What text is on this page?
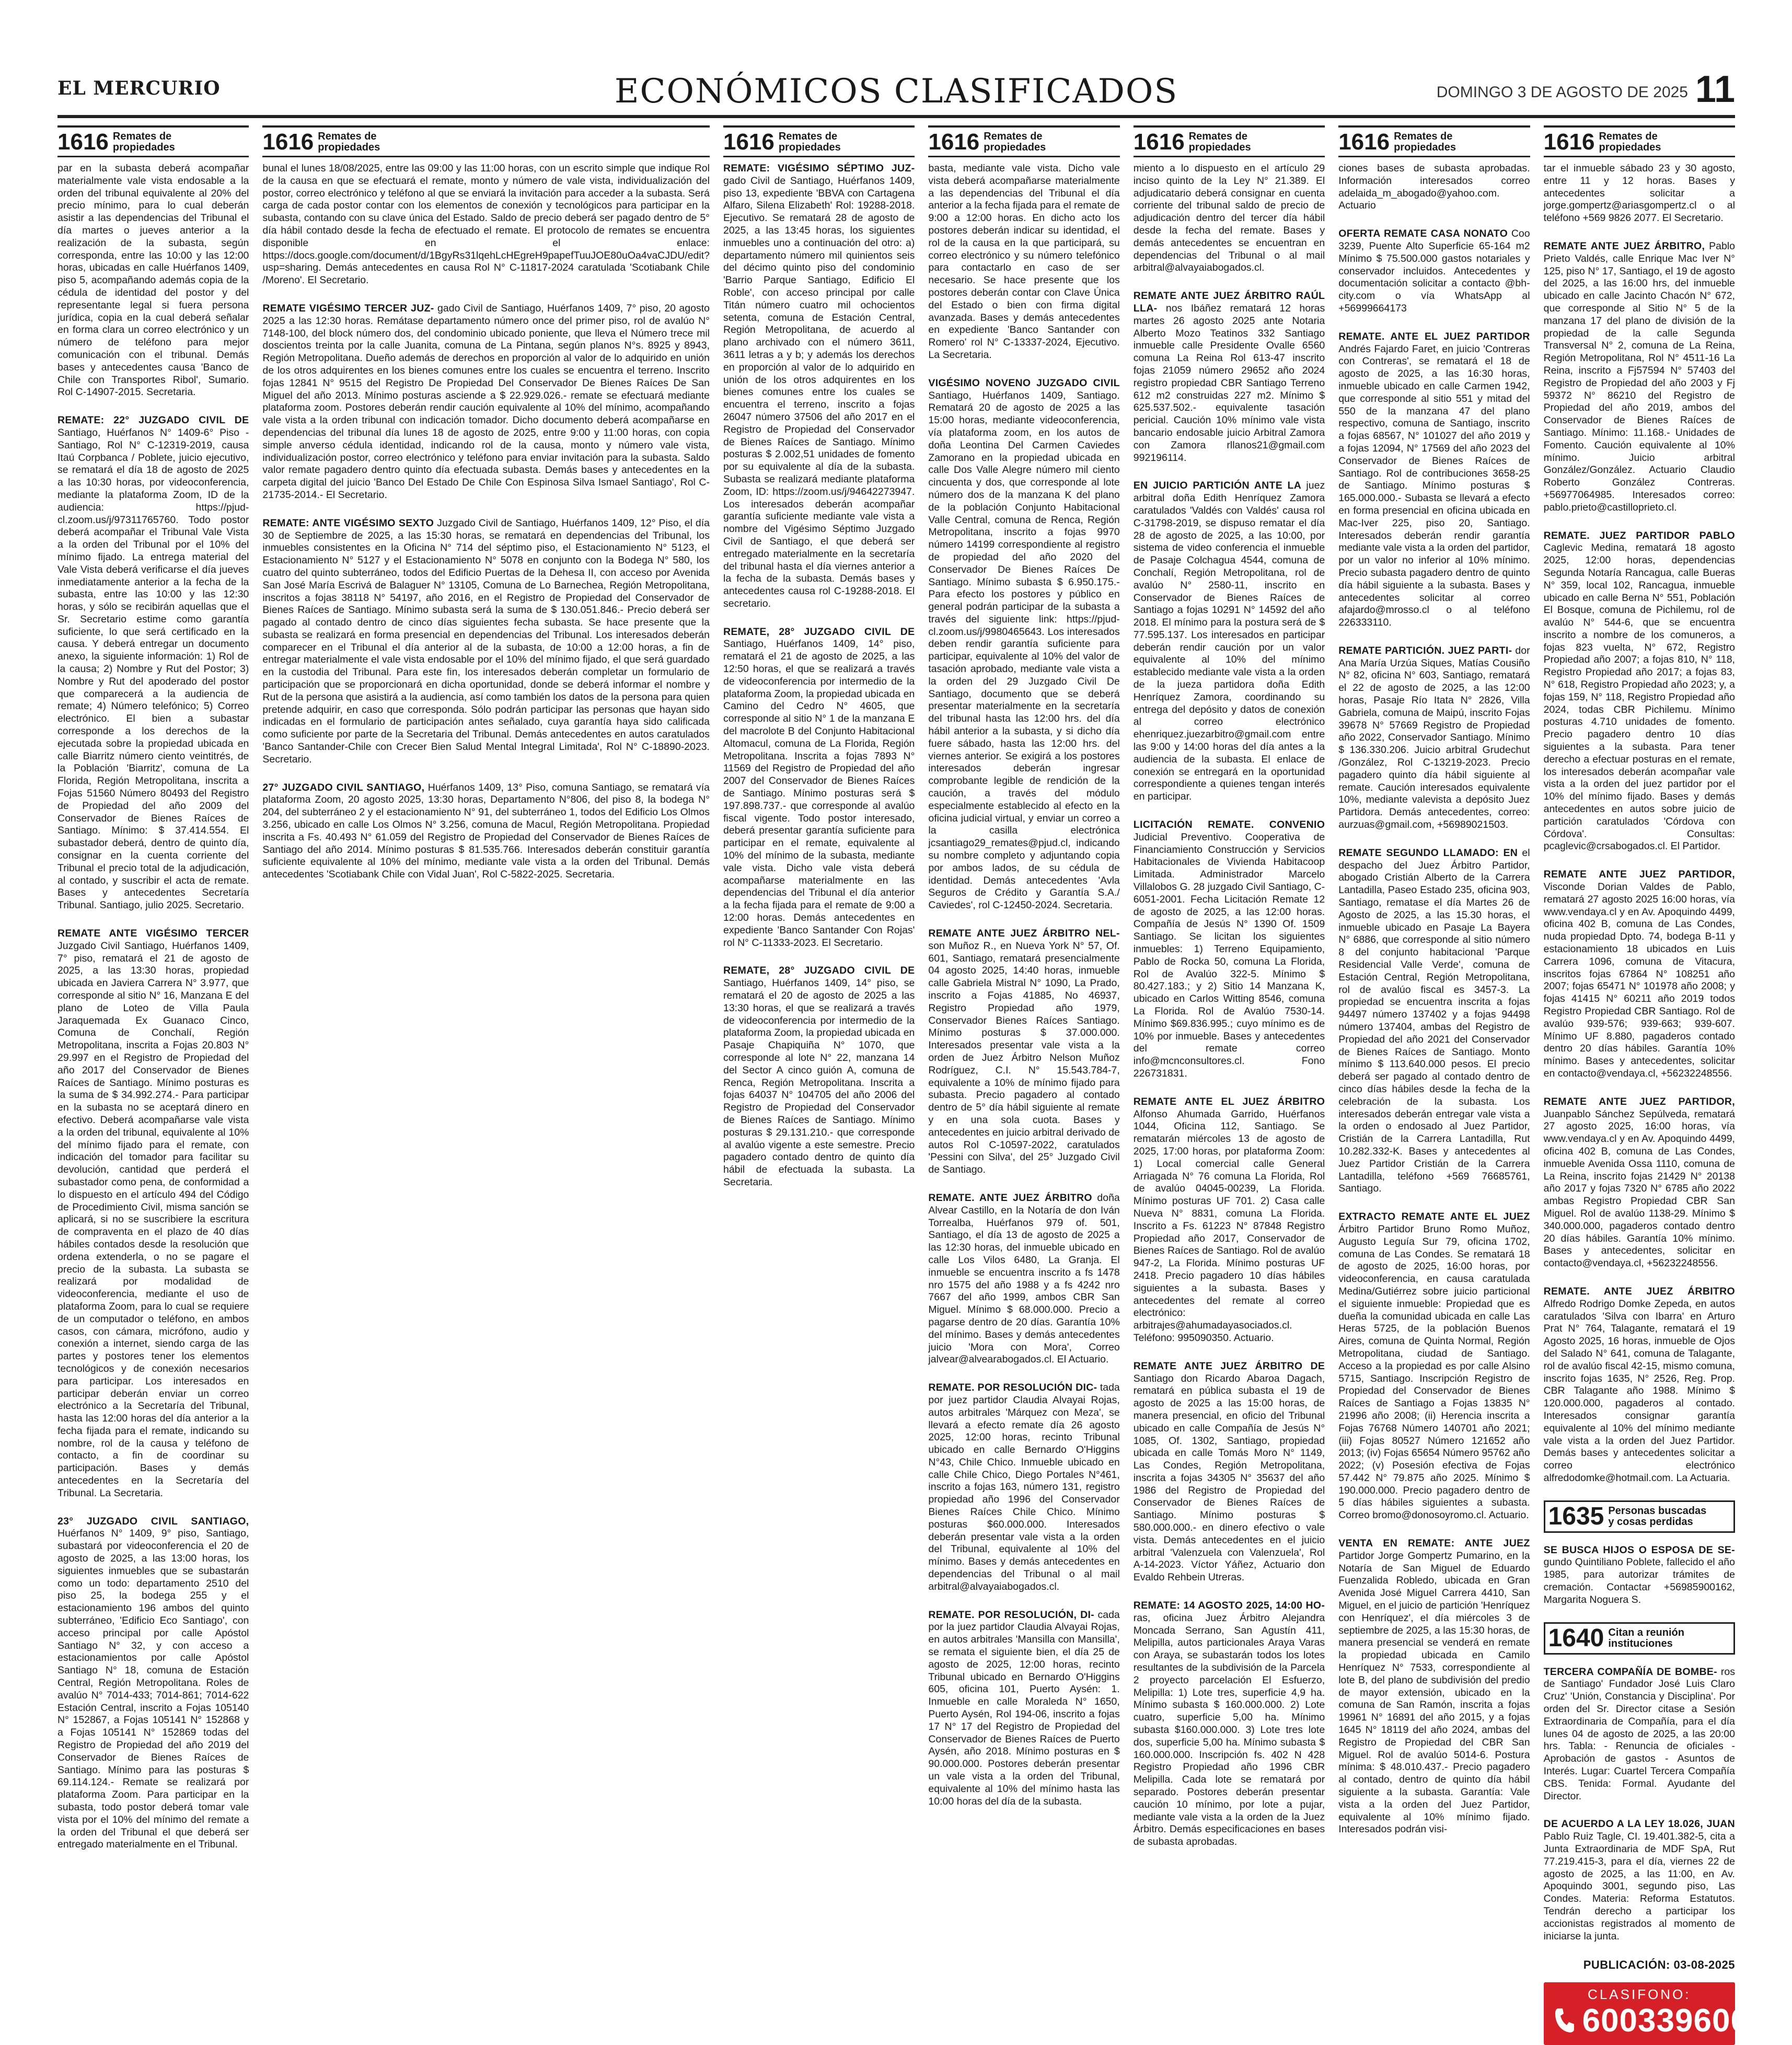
EL MERCURIO	ECONÓMICOS CLASIFICADOS	DOMINGO 3 DE AGOSTO DE 2025 11
1616 Remates de
propiedades

par en la subasta deberá acompañar materialmente vale vista endosable a la orden del tribunal equivalente al 20% del precio mínimo, para lo cual deberán asistir a las dependencias del Tribunal el día martes o jueves anterior a la realización de la subasta, según corresponda, entre las 10:00 y las 12:00 horas, ubicadas en calle Huérfanos 1409, piso 5, acompañando además copia de la cédula de identidad del postor y del representante legal si fuera persona jurídica, copia en la cual deberá señalar en forma clara un correo electrónico y un número de teléfono para mejor comunicación con el tribunal. Demás bases y antecedentes causa 'Banco de Chile con Transportes Ribol', Sumario. Rol C-14907-2015. Secretaria.

REMATE: 22° JUZGADO CIVIL DE Santiago, Huérfanos N° 1409-6° Piso - Santiago, Rol N° C-12319-2019, causa Itaú Corpbanca / Poblete, juicio ejecutivo, se rematará el día 18 de agosto de 2025 a las 10:30 horas, por videoconferencia, mediante la plataforma Zoom, ID de la audiencia: https://pjud-cl.zoom.us/j/97311765760. Todo postor deberá acompañar el Tribunal Vale Vista a la orden del Tribunal por el 10% del mínimo fijado. La entrega material del Vale Vista deberá verificarse el día jueves inmediatamente anterior a la fecha de la subasta, entre las 10:00 y las 12:30 horas, y sólo se recibirán aquellas que el Sr. Secretario estime como garantía suficiente, lo que será certificado en la causa. Y deberá entregar un documento anexo, la siguiente información: 1) Rol de la causa; 2) Nombre y Rut del Postor; 3) Nombre y Rut del apoderado del postor que comparecerá a la audiencia de remate; 4) Número telefónico; 5) Correo electrónico. El bien a subastar corresponde a los derechos de la ejecutada sobre la propiedad ubicada en calle Biarritz número ciento veintitrés, de la Población 'Biarritz', comuna de La Florida, Región Metropolitana, inscrita a Fojas 51560 Número 80493 del Registro de Propiedad del año 2009 del Conservador de Bienes Raíces de Santiago. Mínimo: $ 37.414.554. El subastador deberá, dentro de quinto día, consignar en la cuenta corriente del Tribunal el precio total de la adjudicación, al contado, y suscribir el acta de remate. Bases y antecedentes Secretaría Tribunal. Santiago, julio 2025. Secretario.

REMATE ANTE VIGÉSIMO TERCER Juzgado Civil Santiago, Huérfanos 1409, 7° piso, rematará el 21 de agosto de 2025, a las 13:30 horas, propiedad ubicada en Javiera Carrera N° 3.977, que corresponde al sitio N° 16, Manzana E del plano de Loteo de Villa Paula Jaraquemada Ex Guanaco Cinco, Comuna de Conchalí, Región Metropolitana, inscrita a Fojas 20.803 N° 29.997 en el Registro de Propiedad del año 2017 del Conservador de Bienes Raíces de Santiago. Mínimo posturas es la suma de $ 34.992.274.- Para participar en la subasta no se aceptará dinero en efectivo. Deberá acompañarse vale vista a la orden del tribunal, equivalente al 10% del mínimo fijado para el remate, con indicación del tomador para facilitar su devolución, cantidad que perderá el subastador como pena, de conformidad a lo dispuesto en el artículo 494 del Código de Procedimiento Civil, misma sanción se aplicará, si no se suscribiere la escritura de compraventa en el plazo de 40 días hábiles contados desde la resolución que ordena extenderla, o no se pagare el precio de la subasta. La subasta se realizará por modalidad de videoconferencia, mediante el uso de plataforma Zoom, para lo cual se requiere de un computador o teléfono, en ambos casos, con cámara, micrófono, audio y conexión a internet, siendo carga de las partes y postores tener los elementos tecnológicos y de conexión necesarios para participar. Los interesados en participar deberán enviar un correo electrónico a la Secretaría del Tribunal, hasta las 12:00 horas del día anterior a la fecha fijada para el remate, indicando su nombre, rol de la causa y teléfono de contacto, a fin de coordinar su participación. Bases y demás antecedentes en la Secretaría del Tribunal. La Secretaria.

23° JUZGADO CIVIL SANTIAGO, Huérfanos N° 1409, 9° piso, Santiago, subastará por videoconferencia el 20 de agosto de 2025, a las 13:00 horas, los siguientes inmuebles que se subastarán como un todo: departamento 2510 del piso 25, la bodega 255 y el estacionamiento 196 ambos del quinto subterráneo, 'Edificio Eco Santiago', con acceso principal por calle Apóstol Santiago N° 32, y con acceso a estacionamientos por calle Apóstol Santiago N° 18, comuna de Estación Central, Región Metropolitana. Roles de avalúo N° 7014-433; 7014-861; 7014-622 Estación Central, inscrito a Fojas 105140 N° 152867, a Fojas 105141 N° 152868 y a Fojas 105141 N° 152869 todas del Registro de Propiedad del año 2019 del Conservador de Bienes Raíces de Santiago. Mínimo para las posturas $ 69.114.124.- Remate se realizará por plataforma Zoom. Para participar en la subasta, todo postor deberá tomar vale vista por el 10% del mínimo del remate a la orden del Tribunal el que deberá ser entregado materialmente en el Tribunal.

1616 Remates de
propiedades

bunal el lunes 18/08/2025, entre las 09:00 y las 11:00 horas, con un escrito simple que indique Rol de la causa en que se efectuará el remate, monto y número de vale vista, individualización del postor, correo electrónico y teléfono al que se enviará la invitación para acceder a la subasta. Será carga de cada postor contar con los elementos de conexión y tecnológicos para participar en la subasta, contando con su clave única del Estado. Saldo de precio deberá ser pagado dentro de 5° día hábil contado desde la fecha de efectuado el remate. El protocolo de remates se encuentra disponible en el enlace: https://docs.google.com/document/d/1BgyRs31lqehLcHEgreH9papefTuuJOE80uOa4vaCJDU/edit?usp=sharing. Demás antecedentes en causa Rol N° C-11817-2024 caratulada 'Scotiabank Chile /Moreno'. El Secretario.

REMATE VIGÉSIMO TERCER JUZ- gado Civil de Santiago, Huérfanos 1409, 7° piso, 20 agosto 2025 a las 12:30 horas. Remátase departamento número once del primer piso, rol de avalúo N° 7148-100, del block número dos, del condominio ubicado poniente, que lleva el Número trece mil doscientos treinta por la calle Juanita, comuna de La Pintana, según planos N°s. 8925 y 8943, Región Metropolitana. Dueño además de derechos en proporción al valor de lo adquirido en unión de los otros adquirentes en los bienes comunes entre los cuales se encuentra el terreno. Inscrito fojas 12841 N° 9515 del Registro De Propiedad Del Conservador De Bienes Raíces De San Miguel del año 2013. Mínimo posturas asciende a $ 22.929.026.- remate se efectuará mediante plataforma zoom. Postores deberán rendir caución equivalente al 10% del mínimo, acompañando vale vista a la orden tribunal con indicación tomador. Dicho documento deberá acompañarse en dependencias del tribunal día lunes 18 de agosto de 2025, entre 9:00 y 11:00 horas, con copia simple anverso cédula identidad, indicando rol de la causa, monto y número vale vista, individualización postor, correo electrónico y teléfono para enviar invitación para la subasta. Saldo valor remate pagadero dentro quinto día efectuada subasta. Demás bases y antecedentes en la carpeta digital del juicio 'Banco Del Estado De Chile Con Espinosa Silva Ismael Santiago', Rol C-21735-2014.- El Secretario.

REMATE: ANTE VIGÉSIMO SEXTO Juzgado Civil de Santiago, Huérfanos 1409, 12° Piso, el día 30 de Septiembre de 2025, a las 15:30 horas, se rematará en dependencias del Tribunal, los inmuebles consistentes en la Oficina N° 714 del séptimo piso, el Estacionamiento N° 5123, el Estacionamiento N° 5127 y el Estacionamiento N° 5078 en conjunto con la Bodega N° 580, los cuatro del quinto subterráneo, todos del Edificio Puertas de la Dehesa II, con acceso por Avenida San José María Escrivá de Balaguer N° 13105, Comuna de Lo Barnechea, Región Metropolitana, inscritos a fojas 38118 N° 54197, año 2016, en el Registro de Propiedad del Conservador de Bienes Raíces de Santiago. Mínimo subasta será la suma de $ 130.051.846.- Precio deberá ser pagado al contado dentro de cinco días siguientes fecha subasta. Se hace presente que la subasta se realizará en forma presencial en dependencias del Tribunal. Los interesados deberán comparecer en el Tribunal el día anterior al de la subasta, de 10:00 a 12:00 horas, a fin de entregar materialmente el vale vista endosable por el 10% del mínimo fijado, el que será guardado en la custodia del Tribunal. Para este fin, los interesados deberán completar un formulario de participación que se proporcionará en dicha oportunidad, donde se deberá informar el nombre y Rut de la persona que asistirá a la audiencia, así como también los datos de la persona para quien pretende adquirir, en caso que corresponda. Sólo podrán participar las personas que hayan sido indicadas en el formulario de participación antes señalado, cuya garantía haya sido calificada como suficiente por parte de la Secretaria del Tribunal. Demás antecedentes en autos caratulados 'Banco Santander-Chile con Crecer Bien Salud Mental Integral Limitada', Rol N° C-18890-2023. Secretario.

27° JUZGADO CIVIL SANTIAGO, Huérfanos 1409, 13° Piso, comuna Santiago, se rematará vía plataforma Zoom, 20 agosto 2025, 13:30 horas, Departamento N°806, del piso 8, la bodega N° 204, del subterráneo 2 y el estacionamiento N° 91, del subterráneo 1, todos del Edificio Los Olmos 3.256, ubicado en calle Los Olmos N° 3.256, comuna de Macul, Región Metropolitana. Propiedad inscrita a Fs. 40.493 N° 61.059 del Registro de Propiedad del Conservador de Bienes Raíces de Santiago del año 2014. Mínimo posturas $ 81.535.766. Interesados deberán constituir garantía suficiente equivalente al 10% del mínimo, mediante vale vista a la orden del Tribunal. Demás antecedentes 'Scotiabank Chile con Vidal Juan', Rol C-5822-2025. Secretaria.

1616 Remates de
propiedades

REMATE: VIGÉSIMO SÉPTIMO JUZ- gado Civil de Santiago, Huérfanos 1409, piso 13, expediente 'BBVA con Cartagena Alfaro, Silena Elizabeth' Rol: 19288-2018. Ejecutivo. Se rematará 28 de agosto de 2025, a las 13:45 horas, los siguientes inmuebles uno a continuación del otro: a) departamento número mil quinientos seis del décimo quinto piso del condominio 'Barrio Parque Santiago, Edificio El Roble', con acceso principal por calle Titán número cuatro mil ochocientos setenta, comuna de Estación Central, Región Metropolitana, de acuerdo al plano archivado con el número 3611, 3611 letras a y b; y además los derechos en proporción al valor de lo adquirido en unión de los otros adquirentes en los bienes comunes entre los cuales se encuentra el terreno, inscrito a fojas 26047 número 37506 del año 2017 en el Registro de Propiedad del Conservador de Bienes Raíces de Santiago. Mínimo posturas $ 2.002,51 unidades de fomento por su equivalente al día de la subasta. Subasta se realizará mediante plataforma Zoom, ID: https://zoom.us/j/94642273947. Los interesados deberán acompañar garantía suficiente mediante vale vista a nombre del Vigésimo Séptimo Juzgado Civil de Santiago, el que deberá ser entregado materialmente en la secretaría del tribunal hasta el día viernes anterior a la fecha de la subasta. Demás bases y antecedentes causa rol C-19288-2018. El secretario.

REMATE, 28° JUZGADO CIVIL DE Santiago, Huérfanos 1409, 14° piso, rematará el 21 de agosto de 2025, a las 12:50 horas, el que se realizará a través de videoconferencia por intermedio de la plataforma Zoom, la propiedad ubicada en Camino del Cedro N° 4605, que corresponde al sitio N° 1 de la manzana E del macrolote B del Conjunto Habitacional Altomacul, comuna de La Florida, Región Metropolitana. Inscrita a fojas 7893 N° 11569 del Registro de Propiedad del año 2007 del Conservador de Bienes Raíces de Santiago. Mínimo posturas será $ 197.898.737.- que corresponde al avalúo fiscal vigente. Todo postor interesado, deberá presentar garantía suficiente para participar en el remate, equivalente al 10% del mínimo de la subasta, mediante vale vista. Dicho vale vista deberá acompañarse materialmente en las dependencias del Tribunal el día anterior a la fecha fijada para el remate de 9:00 a 12:00 horas. Demás antecedentes en expediente 'Banco Santander Con Rojas' rol N° C-11333-2023. El Secretario.

REMATE, 28° JUZGADO CIVIL DE Santiago, Huérfanos 1409, 14° piso, se rematará el 20 de agosto de 2025 a las 13:30 horas, el que se realizará a través de videoconferencia por intermedio de la plataforma Zoom, la propiedad ubicada en Pasaje Chapiquiña N° 1070, que corresponde al lote N° 22, manzana 14 del Sector A cinco guión A, comuna de Renca, Región Metropolitana. Inscrita a fojas 64037 N° 104705 del año 2006 del Registro de Propiedad del Conservador de Bienes Raíces de Santiago. Mínimo posturas $ 29.131.210.- que corresponde al avalúo vigente a este semestre. Precio pagadero contado dentro de quinto día hábil de efectuada la subasta. La Secretaria.

1616 Remates de
propiedades

basta, mediante vale vista. Dicho vale vista deberá acompañarse materialmente a las dependencias del Tribunal el día anterior a la fecha fijada para el remate de 9:00 a 12:00 horas. En dicho acto los postores deberán indicar su identidad, el rol de la causa en la que participará, su correo electrónico y su número telefónico para contactarlo en caso de ser necesario. Se hace presente que los postores deberán contar con Clave Única del Estado o bien con firma digital avanzada. Bases y demás antecedentes en expediente 'Banco Santander con Romero' rol N° C-13337-2024, Ejecutivo. La Secretaria.

VIGÉSIMO NOVENO JUZGADO CIVIL Santiago, Huérfanos 1409, Santiago. Rematará 20 de agosto de 2025 a las 15:00 horas, mediante videoconferencia, vía plataforma zoom, en los autos de doña Leontina Del Carmen Caviedes Zamorano en la propiedad ubicada en calle Dos Valle Alegre número mil ciento cincuenta y dos, que corresponde al lote número dos de la manzana K del plano de la población Conjunto Habitacional Valle Central, comuna de Renca, Región Metropolitana, inscrito a fojas 9970 número 14199 correspondiente al registro de propiedad del año 2020 del Conservador De Bienes Raíces De Santiago. Mínimo subasta $ 6.950.175.- Para efecto los postores y público en general podrán participar de la subasta a través del siguiente link: https://pjud-cl.zoom.us/j/9980465643. Los interesados deben rendir garantía suficiente para participar, equivalente al 10% del valor de tasación aprobado, mediante vale vista a la orden del 29 Juzgado Civil De Santiago, documento que se deberá presentar materialmente en la secretaría del tribunal hasta las 12:00 hrs. del día hábil anterior a la subasta, y si dicho día fuere sábado, hasta las 12:00 hrs. del viernes anterior. Se exigirá a los postores interesados deberán ingresar comprobante legible de rendición de la caución, a través del módulo especialmente establecido al efecto en la oficina judicial virtual, y enviar un correo a la casilla electrónica jcsantiago29_remates@pjud.cl, indicando su nombre completo y adjuntando copia por ambos lados, de su cédula de identidad. Demás antecedentes 'Avla Seguros de Crédito y Garantía S.A./ Caviedes', rol C-12450-2024. Secretaria.

REMATE ANTE JUEZ ÁRBITRO NEL- son Muñoz R., en Nueva York N° 57, Of. 601, Santiago, rematará presencialmente 04 agosto 2025, 14:40 horas, inmueble calle Gabriela Mistral N° 1090, La Prado, inscrito a Fojas 41885, No 46937, Registro Propiedad año 1979, Conservador Bienes Raíces Santiago. Mínimo posturas $ 37.000.000. Interesados presentar vale vista a la orden de Juez Árbitro Nelson Muñoz Rodríguez, C.I. N° 15.543.784-7, equivalente a 10% de mínimo fijado para subasta. Precio pagadero al contado dentro de 5° día hábil siguiente al remate y en una sola cuota. Bases y antecedentes en juicio arbitral derivado de autos Rol C-10597-2022, caratulados 'Pessini con Silva', del 25° Juzgado Civil de Santiago.

REMATE. ANTE JUEZ ÁRBITRO doña Alvear Castillo, en la Notaría de don Iván Torrealba, Huérfanos 979 of. 501, Santiago, el día 13 de agosto de 2025 a las 12:30 horas, del inmueble ubicado en calle Los Vilos 6480, La Granja. El inmueble se encuentra inscrito a fs 1478 nro 1575 del año 1988 y a fs 4242 nro 7667 del año 1999, ambos CBR San Miguel. Mínimo $ 68.000.000. Precio a pagarse dentro de 20 días. Garantía 10% del mínimo. Bases y demás antecedentes juicio 'Mora con Mora', Correo jalvear@alvearabogados.cl. El Actuario.

REMATE. POR RESOLUCIÓN DIC- tada por juez partidor Claudia Alvayai Rojas, autos arbitrales 'Márquez con Meza', se llevará a efecto remate día 26 agosto 2025, 12:00 horas, recinto Tribunal ubicado en calle Bernardo O'Higgins N°43, Chile Chico. Inmueble ubicado en calle Chile Chico, Diego Portales N°461, inscrito a fojas 163, número 131, registro propiedad año 1996 del Conservador Bienes Raíces Chile Chico. Mínimo posturas $60.000.000. Interesados deberán presentar vale vista a la orden del Tribunal, equivalente al 10% del mínimo. Bases y demás antecedentes en dependencias del Tribunal o al mail arbitral@alvayaiabogados.cl.

REMATE. POR RESOLUCIÓN, DI- cada por la juez partidor Claudia Alvayai Rojas, en autos arbitrales 'Mansilla con Mansilla', se remata el siguiente bien, el día 25 de agosto de 2025, 12:00 horas, recinto Tribunal ubicado en Bernardo O'Higgins 605, oficina 101, Puerto Aysén: 1. Inmueble en calle Moraleda N° 1650, Puerto Aysén, Rol 194-06, inscrito a fojas 17 N° 17 del Registro de Propiedad del Conservador de Bienes Raíces de Puerto Aysén, año 2018. Mínimo posturas en $ 90.000.000. Postores deberán presentar un vale vista a la orden del Tribunal, equivalente al 10% del mínimo hasta las 10:00 horas del día de la subasta.

1616 Remates de
propiedades

miento a lo dispuesto en el artículo 29 inciso quinto de la Ley N° 21.389. El adjudicatario deberá consignar en cuenta corriente del tribunal saldo de precio de adjudicación dentro del tercer día hábil desde la fecha del remate. Bases y demás antecedentes se encuentran en dependencias del Tribunal o al mail arbitral@alvayaiabogados.cl.

REMATE ANTE JUEZ ÁRBITRO RAÚL LLA- nos Ibáñez rematará 12 horas martes 26 agosto 2025 ante Notaria Alberto Mozo Teatinos 332 Santiago inmueble calle Presidente Ovalle 6560 comuna La Reina Rol 613-47 inscrito fojas 21059 número 29652 año 2024 registro propiedad CBR Santiago Terreno 612 m2 construidas 227 m2. Mínimo $ 625.537.502.- equivalente tasación pericial. Caución 10% mínimo vale vista bancario endosable juicio Arbitral Zamora con Zamora rllanos21@gmail.com 992196114.

EN JUICIO PARTICIÓN ANTE LA juez arbitral doña Edith Henríquez Zamora caratulados 'Valdés con Valdés' causa rol C-31798-2019, se dispuso rematar el día 28 de agosto de 2025, a las 10:00, por sistema de video conferencia el inmueble de Pasaje Colchagua 4544, comuna de Conchalí, Región Metropolitana, rol de avalúo N° 2580-11, inscrito en Conservador de Bienes Raíces de Santiago a fojas 10291 N° 14592 del año 2018. El mínimo para la postura será de $ 77.595.137. Los interesados en participar deberán rendir caución por un valor equivalente al 10% del mínimo establecido mediante vale vista a la orden de la jueza partidora doña Edith Henríquez Zamora, coordinando su entrega del depósito y datos de conexión al correo electrónico ehenriquez.juezarbitro@gmail.com entre las 9:00 y 14:00 horas del día antes a la audiencia de la subasta. El enlace de conexión se entregará en la oportunidad correspondiente a quienes tengan interés en participar.

LICITACIÓN REMATE. CONVENIO Judicial Preventivo. Cooperativa de Financiamiento Construcción y Servicios Habitacionales de Vivienda Habitacoop Limitada. Administrador Marcelo Villalobos G. 28 juzgado Civil Santiago, C-6051-2001. Fecha Licitación Remate 12 de agosto de 2025, a las 12:00 horas. Compañía de Jesús N° 1390 Of. 1509 Santiago. Se licitan los siguientes inmuebles: 1) Terreno Equipamiento, Pablo de Rocka 50, comuna La Florida, Rol de Avalúo 322-5. Mínimo $ 80.427.183.; y 2) Sitio 14 Manzana K, ubicado en Carlos Witting 8546, comuna La Florida. Rol de Avalúo 7530-14. Mínimo $69.836.995.; cuyo mínimo es de 10% por inmueble. Bases y antecedentes del remate correo info@mcnconsultores.cl. Fono 226731831.

REMATE ANTE EL JUEZ ÁRBITRO Alfonso Ahumada Garrido, Huérfanos 1044, Oficina 112, Santiago. Se rematarán miércoles 13 de agosto de 2025, 17:00 horas, por plataforma Zoom: 1) Local comercial calle General Arriagada N° 76 comuna La Florida, Rol de avalúo 04045-00239, La Florida. Mínimo posturas UF 701. 2) Casa calle Nueva N° 8831, comuna La Florida. Inscrito a Fs. 61223 N° 87848 Registro Propiedad año 2017, Conservador de Bienes Raíces de Santiago. Rol de avalúo 947-2, La Florida. Mínimo posturas UF 2418. Precio pagadero 10 días hábiles siguientes a la subasta. Bases y antecedentes del remate al correo electrónico: arbitrajes@ahumadayasociados.cl. Teléfono: 995090350. Actuario.

REMATE ANTE JUEZ ÁRBITRO DE Santiago don Ricardo Abaroa Dagach, rematará en pública subasta el 19 de agosto de 2025 a las 15:00 horas, de manera presencial, en oficio del Tribunal ubicado en calle Compañía de Jesús N° 1085, Of. 1302, Santiago, propiedad ubicada en calle Tomás Moro N° 1149, Las Condes, Región Metropolitana, inscrita a fojas 34305 N° 35637 del año 1986 del Registro de Propiedad del Conservador de Bienes Raíces de Santiago. Mínimo posturas $ 580.000.000.- en dinero efectivo o vale vista. Demás antecedentes en el juicio arbitral 'Valenzuela con Valenzuela', Rol A-14-2023. Víctor Yáñez, Actuario don Evaldo Rehbein Utreras.

REMATE: 14 AGOSTO 2025, 14:00 HO- ras, oficina Juez Árbitro Alejandra Moncada Serrano, San Agustín 411, Melipilla, autos particionales Araya Varas con Araya, se subastarán todos los lotes resultantes de la subdivisión de la Parcela 2 proyecto parcelación El Esfuerzo, Melipilla: 1) Lote tres, superficie 4,9 ha. Mínimo subasta $ 160.000.000. 2) Lote cuatro, superficie 5,00 ha. Mínimo subasta $160.000.000. 3) Lote tres lote dos, superficie 5,00 ha. Mínimo subasta $ 160.000.000. Inscripción fs. 402 N 428 Registro Propiedad año 1996 CBR Melipilla. Cada lote se rematará por separado. Postores deberán presentar caución 10 mínimo, por lote a pujar, mediante vale vista a la orden de la Juez Árbitro. Demás especificaciones en bases de subasta aprobadas.

1616 Remates de
propiedades

ciones bases de subasta aprobadas. Información interesados correo adelaida_m_abogado@yahoo.com. Actuario

OFERTA REMATE CASA NONATO Coo 3239, Puente Alto Superficie 65-164 m2 Mínimo $ 75.500.000 gastos notariales y conservador incluidos. Antecedentes y documentación solicitar a contacto @bh-city.com o vía WhatsApp al +56999664173

REMATE. ANTE EL JUEZ PARTIDOR Andrés Fajardo Faret, en juicio 'Contreras con Contreras', se rematará el 18 de agosto de 2025, a las 16:30 horas, inmueble ubicado en calle Carmen 1942, que corresponde al sitio 551 y mitad del 550 de la manzana 47 del plano respectivo, comuna de Santiago, inscrito a fojas 68567, N° 101027 del año 2019 y a fojas 12094, N° 17569 del año 2023 del Conservador de Bienes Raíces de Santiago. Rol de contribuciones 3658-25 de Santiago. Mínimo posturas $ 165.000.000.- Subasta se llevará a efecto en forma presencial en oficina ubicada en Mac-Iver 225, piso 20, Santiago. Interesados deberán rendir garantía mediante vale vista a la orden del partidor, por un valor no inferior al 10% mínimo. Precio subasta pagadero dentro de quinto día hábil siguiente a la subasta. Bases y antecedentes solicitar al correo afajardo@mrosso.cl o al teléfono 226333110.

REMATE PARTICIÓN. JUEZ PARTI- dor Ana María Urzúa Siques, Matías Cousiño N° 82, oficina N° 603, Santiago, rematará el 22 de agosto de 2025, a las 12:00 horas, Pasaje Río Itata N° 2826, Villa Gabriela, comuna de Maipú, inscrito Fojas 39678 N° 57669 Registro de Propiedad año 2022, Conservador Santiago. Mínimo $ 136.330.206. Juicio arbitral Grudechut /González, Rol C-13219-2023. Precio pagadero quinto día hábil siguiente al remate. Caución interesados equivalente 10%, mediante valevista a depósito Juez Partidora. Demás antecedentes, correo: aurzuas@gmail.com, +56989021503.

REMATE SEGUNDO LLAMADO: EN el despacho del Juez Árbitro Partidor, abogado Cristián Alberto de la Carrera Lantadilla, Paseo Estado 235, oficina 903, Santiago, rematase el día Martes 26 de Agosto de 2025, a las 15.30 horas, el inmueble ubicado en Pasaje La Bayera N° 6886, que corresponde al sitio número 8 del conjunto habitacional 'Parque Residencial Valle Verde', comuna de Estación Central, Región Metropolitana, rol de avalúo fiscal es 3457-3. La propiedad se encuentra inscrita a fojas 94497 número 137402 y a fojas 94498 número 137404, ambas del Registro de Propiedad del año 2021 del Conservador de Bienes Raíces de Santiago. Monto mínimo $ 113.640.000 pesos. El precio deberá ser pagado al contado dentro de cinco días hábiles desde la fecha de la celebración de la subasta. Los interesados deberán entregar vale vista a la orden o endosado al Juez Partidor, Cristián de la Carrera Lantadilla, Rut 10.282.332-K. Bases y antecedentes al Juez Partidor Cristián de la Carrera Lantadilla, teléfono +569 76685761, Santiago.

EXTRACTO REMATE ANTE EL JUEZ Árbitro Partidor Bruno Romo Muñoz, Augusto Leguía Sur 79, oficina 1702, comuna de Las Condes. Se rematará 18 de agosto de 2025, 16:00 horas, por videoconferencia, en causa caratulada Medina/Gutiérrez sobre juicio particional el siguiente inmueble: Propiedad que es dueña la comunidad ubicada en calle Las Heras 5725, de la población Buenos Aires, comuna de Quinta Normal, Región Metropolitana, ciudad de Santiago. Acceso a la propiedad es por calle Alsino 5715, Santiago. Inscripción Registro de Propiedad del Conservador de Bienes Raíces de Santiago a Fojas 13835 N° 21996 año 2008; (ii) Herencia inscrita a Fojas 76768 Número 140701 año 2021; (iii) Fojas 80527 Número 121652 año 2013; (iv) Fojas 65654 Número 95762 año 2022; (v) Posesión efectiva de Fojas 57.442 N° 79.875 año 2025. Mínimo $ 190.000.000. Precio pagadero dentro de 5 días hábiles siguientes a subasta. Correo bromo@donosoyromo.cl. Actuario.

VENTA EN REMATE: ANTE JUEZ Partidor Jorge Gompertz Pumarino, en la Notaría de San Miguel de Eduardo Fuenzalida Robledo, ubicada en Gran Avenida José Miguel Carrera 4410, San Miguel, en el juicio de partición 'Henríquez con Henríquez', el día miércoles 3 de septiembre de 2025, a las 15:30 horas, de manera presencial se venderá en remate la propiedad ubicada en Camilo Henríquez N° 7533, correspondiente al lote B, del plano de subdivisión del predio de mayor extensión, ubicado en la comuna de San Ramón, inscrita a fojas 19961 N° 16891 del año 2015, y a fojas 1645 N° 18119 del año 2024, ambas del Registro de Propiedad del CBR San Miguel. Rol de avalúo 5014-6. Postura mínima: $ 48.010.437.- Precio pagadero al contado, dentro de quinto día hábil siguiente a la subasta. Garantía: Vale vista a la orden del Juez Partidor, equivalente al 10% mínimo fijado. Interesados podrán visi-

1616 Remates de
propiedades

tar el inmueble sábado 23 y 30 agosto, entre 11 y 12 horas. Bases y antecedentes solicitar a jorge.gompertz@ariasgompertz.cl o al teléfono +569 9826 2077. El Secretario.

REMATE ANTE JUEZ ÁRBITRO, Pablo Prieto Valdés, calle Enrique Mac Iver N° 125, piso N° 17, Santiago, el 19 de agosto del 2025, a las 16:00 hrs, del inmueble ubicado en calle Jacinto Chacón N° 672, que corresponde al Sitio N° 5 de la manzana 17 del plano de división de la propiedad de la calle Segunda Transversal N° 2, comuna de La Reina, Región Metropolitana, Rol N° 4511-16 La Reina, inscrito a Fj57594 N° 57403 del Registro de Propiedad del año 2003 y Fj 59372 N° 86210 del Registro de Propiedad del año 2019, ambos del Conservador de Bienes Raíces de Santiago. Mínimo: 11.168.- Unidades de Fomento. Caución equivalente al 10% mínimo. Juicio arbitral González/González. Actuario Claudio Roberto González Contreras. +56977064985. Interesados correo: pablo.prieto@castilloprieto.cl.

REMATE. JUEZ PARTIDOR PABLO Caglevic Medina, rematará 18 agosto 2025, 12:00 horas, dependencias Segunda Notaría Rancagua, calle Bueras N° 359, local 102, Rancagua, inmueble ubicado en calle Berna N° 551, Población El Bosque, comuna de Pichilemu, rol de avalúo N° 544-6, que se encuentra inscrito a nombre de los comuneros, a fojas 823 vuelta, N° 672, Registro Propiedad año 2007; a fojas 810, N° 118, Registro Propiedad año 2017; a fojas 83, N° 618, Registro Propiedad año 2023; y, a fojas 159, N° 118, Registro Propiedad año 2024, todas CBR Pichilemu. Mínimo posturas 4.710 unidades de fomento. Precio pagadero dentro 10 días siguientes a la subasta. Para tener derecho a efectuar posturas en el remate, los interesados deberán acompañar vale vista a la orden del juez partidor por el 10% del mínimo fijado. Bases y demás antecedentes en autos sobre juicio de partición caratulados 'Córdova con Córdova'. Consultas: pcaglevic@crsabogados.cl. El Partidor.

REMATE ANTE JUEZ PARTIDOR, Visconde Dorian Valdes de Pablo, rematará 27 agosto 2025 16:00 horas, vía www.vendaya.cl y en Av. Apoquindo 4499, oficina 402 B, comuna de Las Condes, nuda propiedad Dpto. 74, bodega B-11 y estacionamiento 18 ubicados en Luis Carrera 1096, comuna de Vitacura, inscritos fojas 67864 N° 108251 año 2007; fojas 65471 N° 101978 año 2008; y fojas 41415 N° 60211 año 2019 todos Registro Propiedad CBR Santiago. Rol de avalúo 939-576; 939-663; 939-607. Mínimo UF 8.880, pagaderos contado dentro 20 días hábiles. Garantía 10% mínimo. Bases y antecedentes, solicitar en contacto@vendaya.cl, +56232248556.

REMATE ANTE JUEZ PARTIDOR, Juanpablo Sánchez Sepúlveda, rematará 27 agosto 2025, 16:00 horas, vía www.vendaya.cl y en Av. Apoquindo 4499, oficina 402 B, comuna de Las Condes, inmueble Avenida Ossa 1110, comuna de La Reina, inscrito fojas 21429 N° 20138 año 2017 y fojas 7320 N° 6785 año 2022 ambas Registro Propiedad CBR San Miguel. Rol de avalúo 1138-29. Mínimo $ 340.000.000, pagaderos contado dentro 20 días hábiles. Garantía 10% mínimo. Bases y antecedentes, solicitar en contacto@vendaya.cl, +56232248556.

REMATE. ANTE JUEZ ÁRBITRO Alfredo Rodrigo Domke Zepeda, en autos caratulados 'Silva con Ibarra' en Arturo Prat N° 764, Talagante, rematará el 19 Agosto 2025, 16 horas, inmueble de Ojos del Salado N° 641, comuna de Talagante, rol de avalúo fiscal 42-15, mismo comuna, inscrito fojas 1635, N° 2526, Reg. Prop. CBR Talagante año 1988. Mínimo $ 120.000.000, pagaderos al contado. Interesados consignar garantía equivalente al 10% del mínimo mediante vale vista a la orden del Juez Partidor. Demás bases y antecedentes solicitar a correo electrónico alfredodomke@hotmail.com. La Actuaria.

1635 Personas buscadas
y cosas perdidas

SE BUSCA HIJOS O ESPOSA DE SE- gundo Quintiliano Poblete, fallecido el año 1985, para autorizar trámites de cremación. Contactar +56985900162, Margarita Noguera S.

1640 Citan a reunión
instituciones

TERCERA COMPAÑÍA DE BOMBE- ros de Santiago' Fundador José Luis Claro Cruz' 'Unión, Constancia y Disciplina'. Por orden del Sr. Director citase a Sesión Extraordinaria de Compañía, para el día lunes 04 de agosto de 2025, a las 20:00 hrs. Tabla: - Renuncia de oficiales - Aprobación de gastos - Asuntos de Interés. Lugar: Cuartel Tercera Compañía CBS. Tenida: Formal. Ayudante del Director.

DE ACUERDO A LA LEY 18.026, JUAN Pablo Ruiz Tagle, CI. 19.401.382-5, cita a Junta Extraordinaria de MDF SpA, Rut 77.219.415-3, para el día, viernes 22 de agosto de 2025, a las 11:00, en Av. Apoquindo 3001, segundo piso, Las Condes. Materia: Reforma Estatutos. Tendrán derecho a participar los accionistas registrados al momento de iniciarse la junta.

PUBLICACIÓN: 03-08-2025
CLASIFONO:
6003396000
